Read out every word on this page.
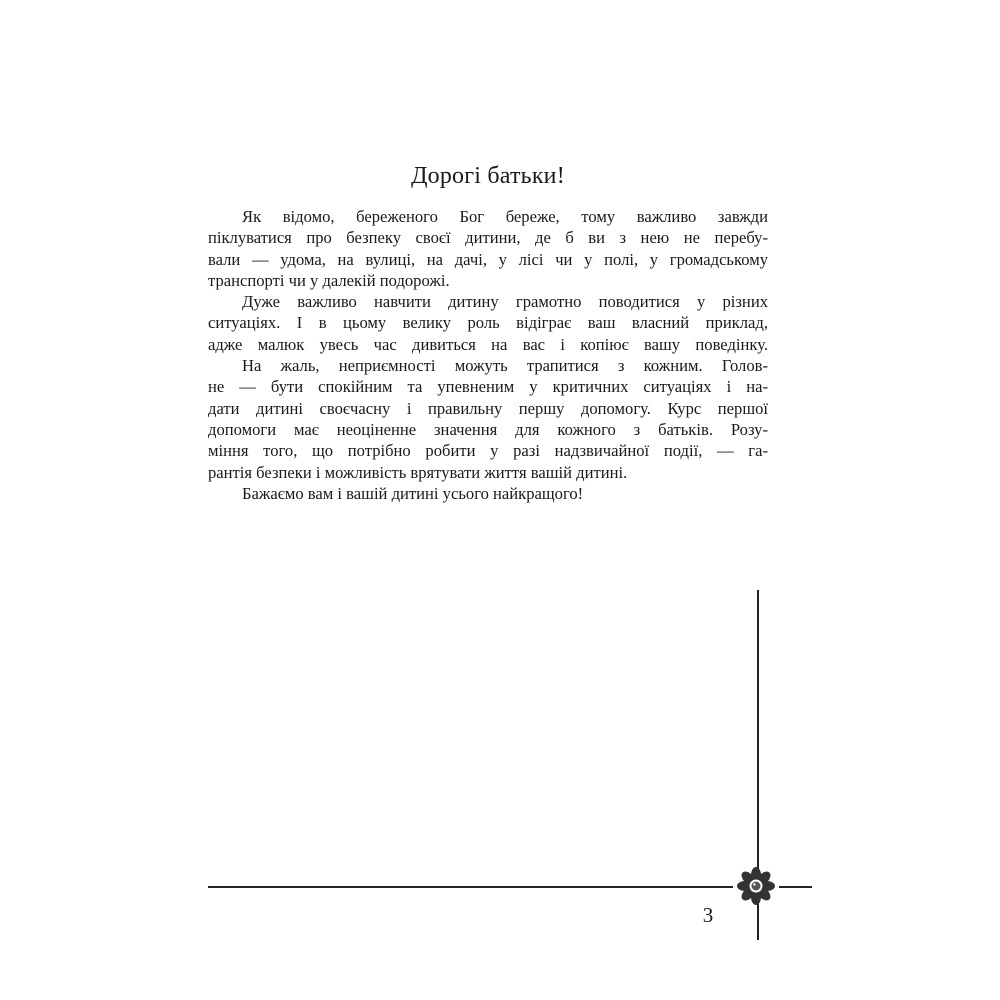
Дорогі батьки!
Як відомо, береженого Бог береже, тому важливо завжди
піклуватися про безпеку своєї дитини, де б ви з нею не перебу-
вали — удома, на вулиці, на дачі, у лісі чи у полі, у громадському
транспорті чи у далекій подорожі.
Дуже важливо навчити дитину грамотно поводитися у різних
ситуаціях. І в цьому велику роль відіграє ваш власний приклад,
адже малюк увесь час дивиться на вас і копіює вашу поведінку.
На жаль, неприємності можуть трапитися з кожним. Голов-
не — бути спокійним та упевненим у критичних ситуаціях і на-
дати дитині своєчасну і правильну першу допомогу. Курс першої
допомоги має неоціненне значення для кожного з батьків. Розу-
міння того, що потрібно робити у разі надзвичайної події, — га-
рантія безпеки і можливість врятувати життя вашій дитині.
Бажаємо вам і вашій дитині усього найкращого!
3
